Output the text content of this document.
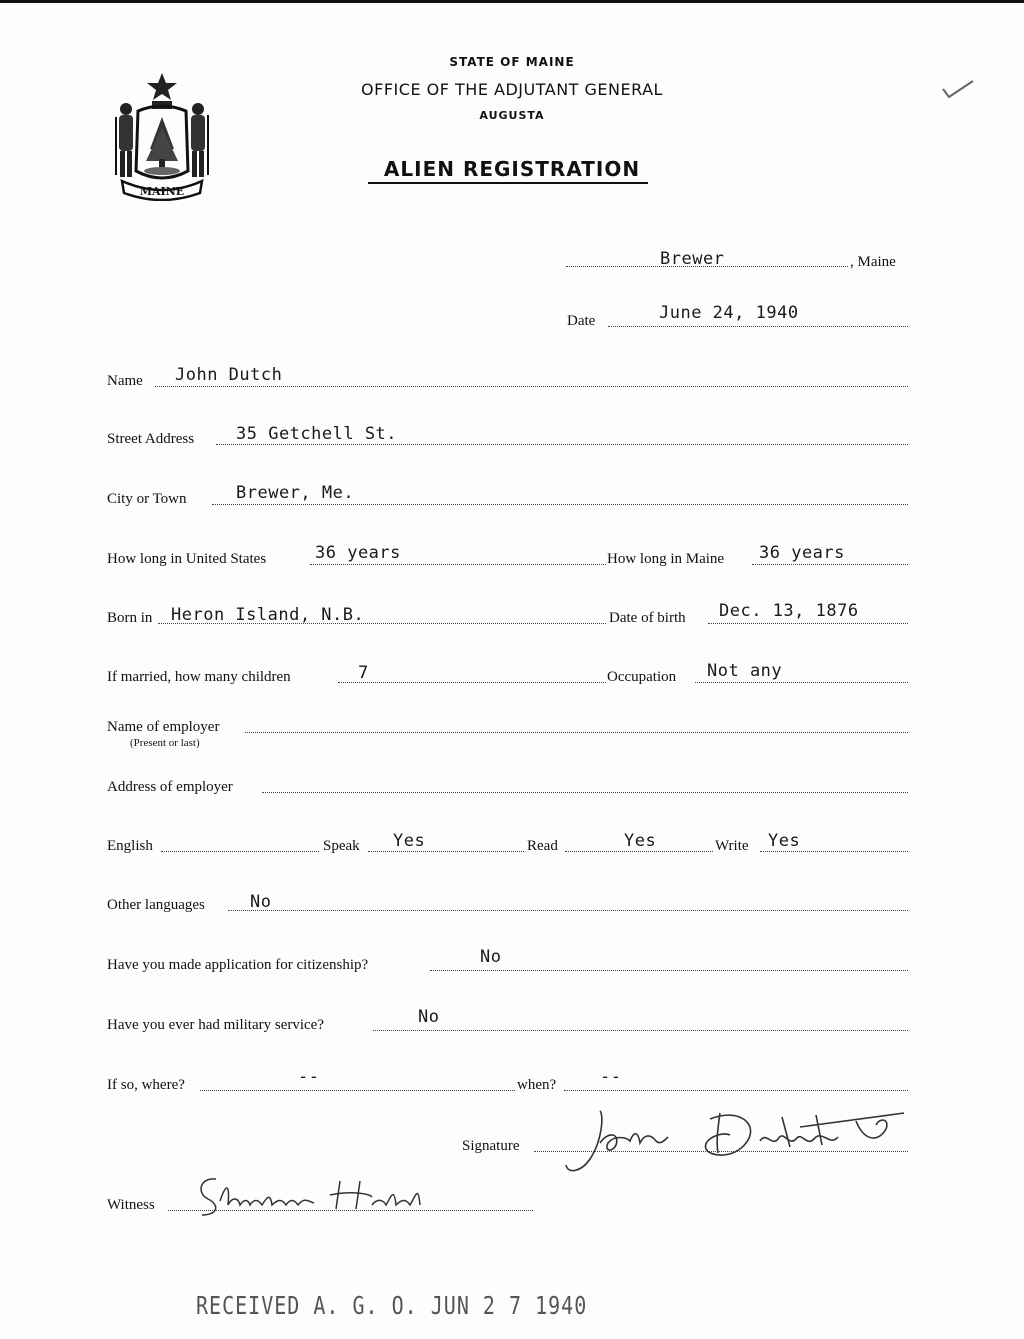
MAINE
STATE OF MAINE
OFFICE OF THE ADJUTANT GENERAL
AUGUSTA
ALIEN REGISTRATION
Brewer	, Maine
Date	June 24, 1940
Name John Dutch
Street Address 35 Getchell St.
City or Town	Brewer, Me.
How long in United States	36 years	How long in Maine 36 years
Born in Heron Island, N.B.	Date of birth Dec. 13, 1876
If married, how many children	7	Occupation Not any
Name of employer
(Present or last)
Address of employer
English	Speak Yes	Read	Yes	Write Yes
Other languages	No
Have you made application for citizenship?	No
Have you ever had military service?	No
If so, where?	--	when?	--
Signature
Witness
RECEIVED A. G. O. JUN 2 7 1940
